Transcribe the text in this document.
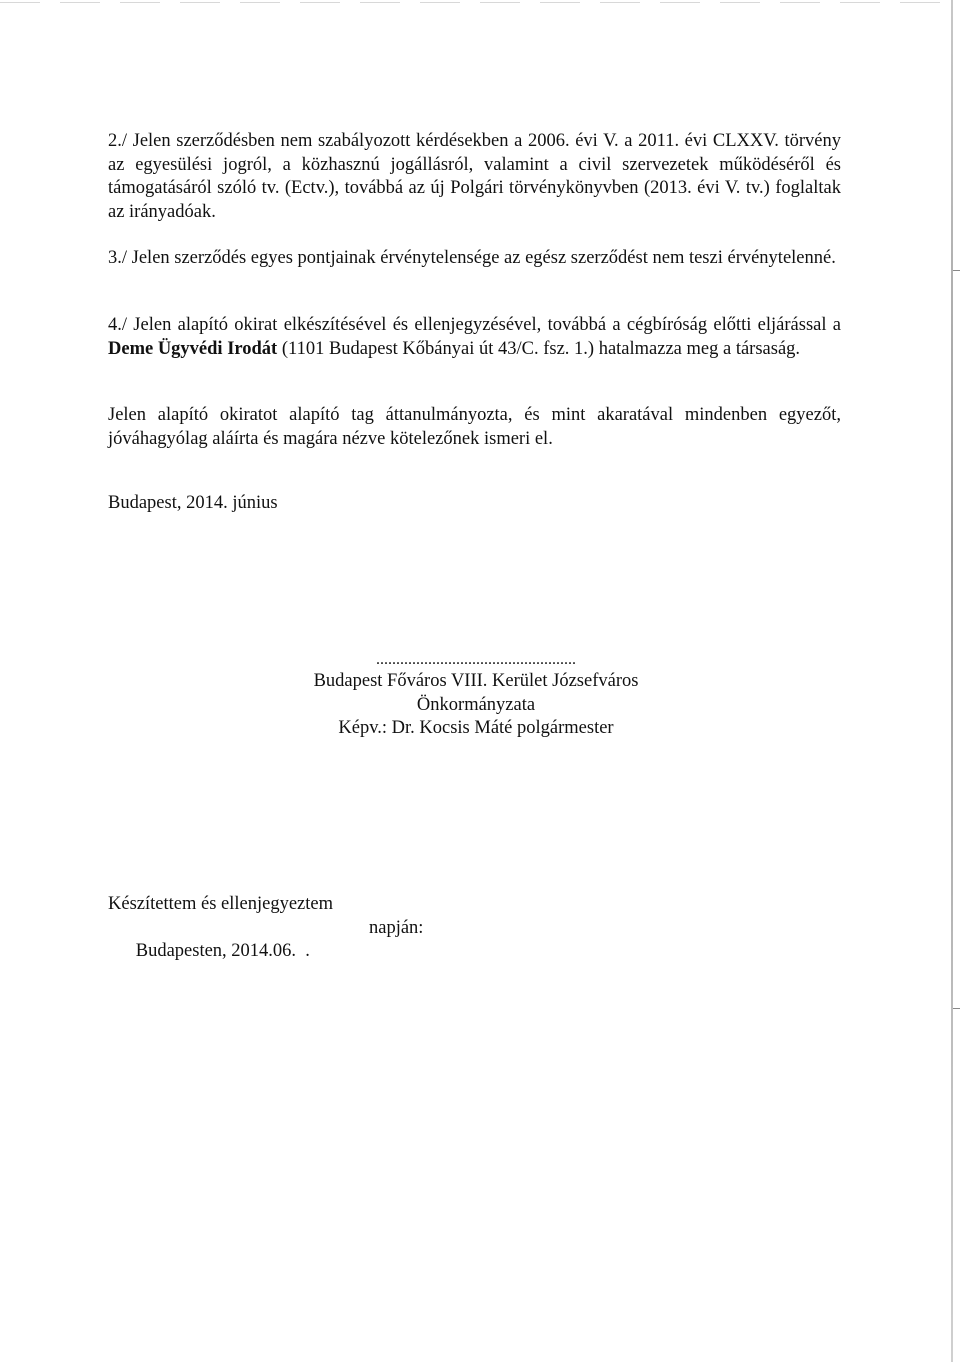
2./ Jelen szerződésben nem szabályozott kérdésekben a 2006. évi V. a 2011. évi CLXXV. törvény az egyesülési jogról, a közhasznú jogállásról, valamint a civil szervezetek működéséről és támogatásáról szóló tv. (Ectv.), továbbá az új Polgári törvénykönyvben (2013. évi V. tv.) foglaltak az irányadóak.

3./ Jelen szerződés egyes pontjainak érvénytelensége az egész szerződést nem teszi érvénytelenné.

4./ Jelen alapító okirat elkészítésével és ellenjegyzésével, továbbá a cégbíróság előtti eljárással a Deme Ügyvédi Irodát (1101 Budapest Kőbányai út 43/C. fsz. 1.) hatalmazza meg a társaság.

Jelen alapító okiratot alapító tag áttanulmányozta, és mint akaratával mindenben egyezőt, jóváhagyólag aláírta és magára nézve kötelezőnek ismeri el.

Budapest, 2014. június
..................................................
Budapest Főváros VIII. Kerület Józsefváros
Önkormányzata
Képv.: Dr. Kocsis Máté polgármester
Készítettem és ellenjegyeztem

Budapesten, 2014.06.  .

napján:
